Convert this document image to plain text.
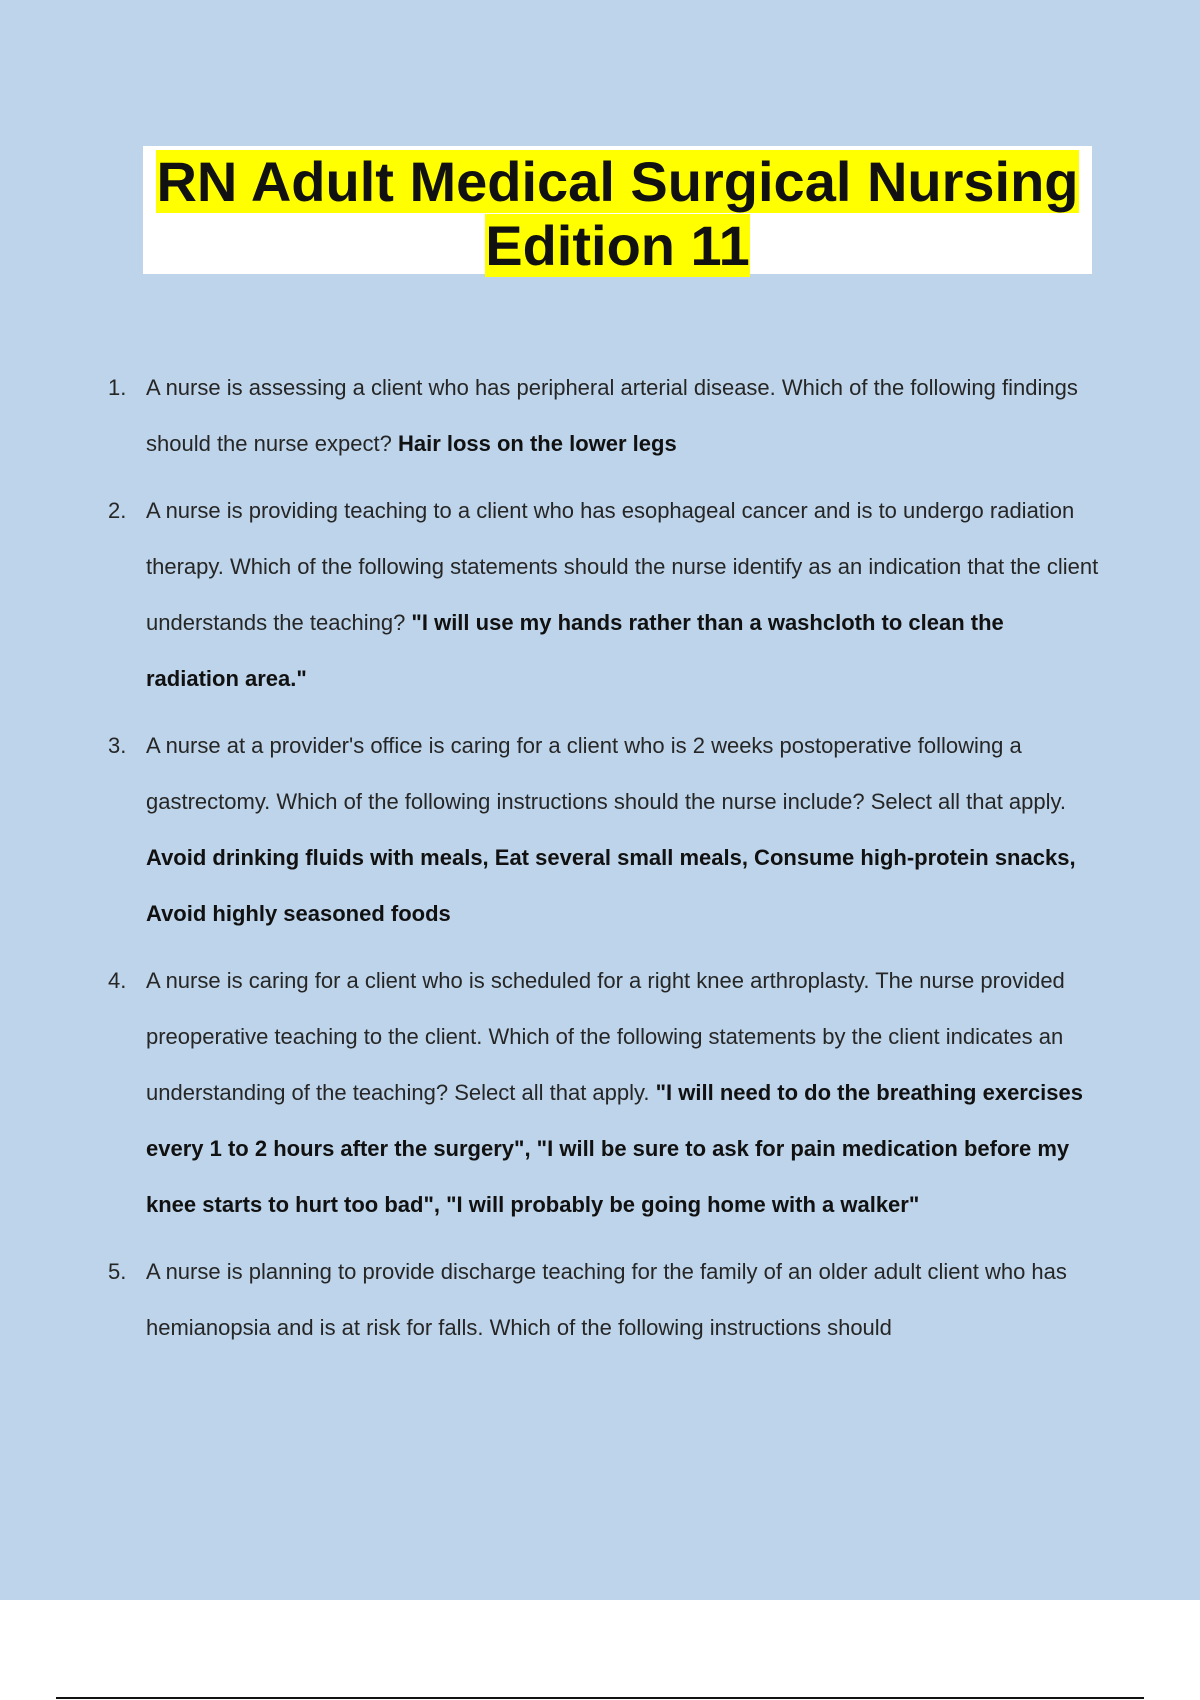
RN Adult Medical Surgical Nursing
Edition 11
1. A nurse is assessing a client who has peripheral arterial disease. Which of the following findings should the nurse expect? Hair loss on the lower legs
2. A nurse is providing teaching to a client who has esophageal cancer and is to undergo radiation therapy. Which of the following statements should the nurse identify as an indication that the client understands the teaching? "I will use my hands rather than a washcloth to clean the radiation area."
3. A nurse at a provider's office is caring for a client who is 2 weeks postoperative following a gastrectomy. Which of the following instructions should the nurse include? Select all that apply. Avoid drinking fluids with meals, Eat several small meals, Consume high-protein snacks, Avoid highly seasoned foods
4. A nurse is caring for a client who is scheduled for a right knee arthroplasty. The nurse provided preoperative teaching to the client. Which of the following statements by the client indicates an understanding of the teaching? Select all that apply. "I will need to do the breathing exercises every 1 to 2 hours after the surgery", "I will be sure to ask for pain medication before my knee starts to hurt too bad", "I will probably be going home with a walker"
5. A nurse is planning to provide discharge teaching for the family of an older adult client who has hemianopsia and is at risk for falls. Which of the following instructions should
